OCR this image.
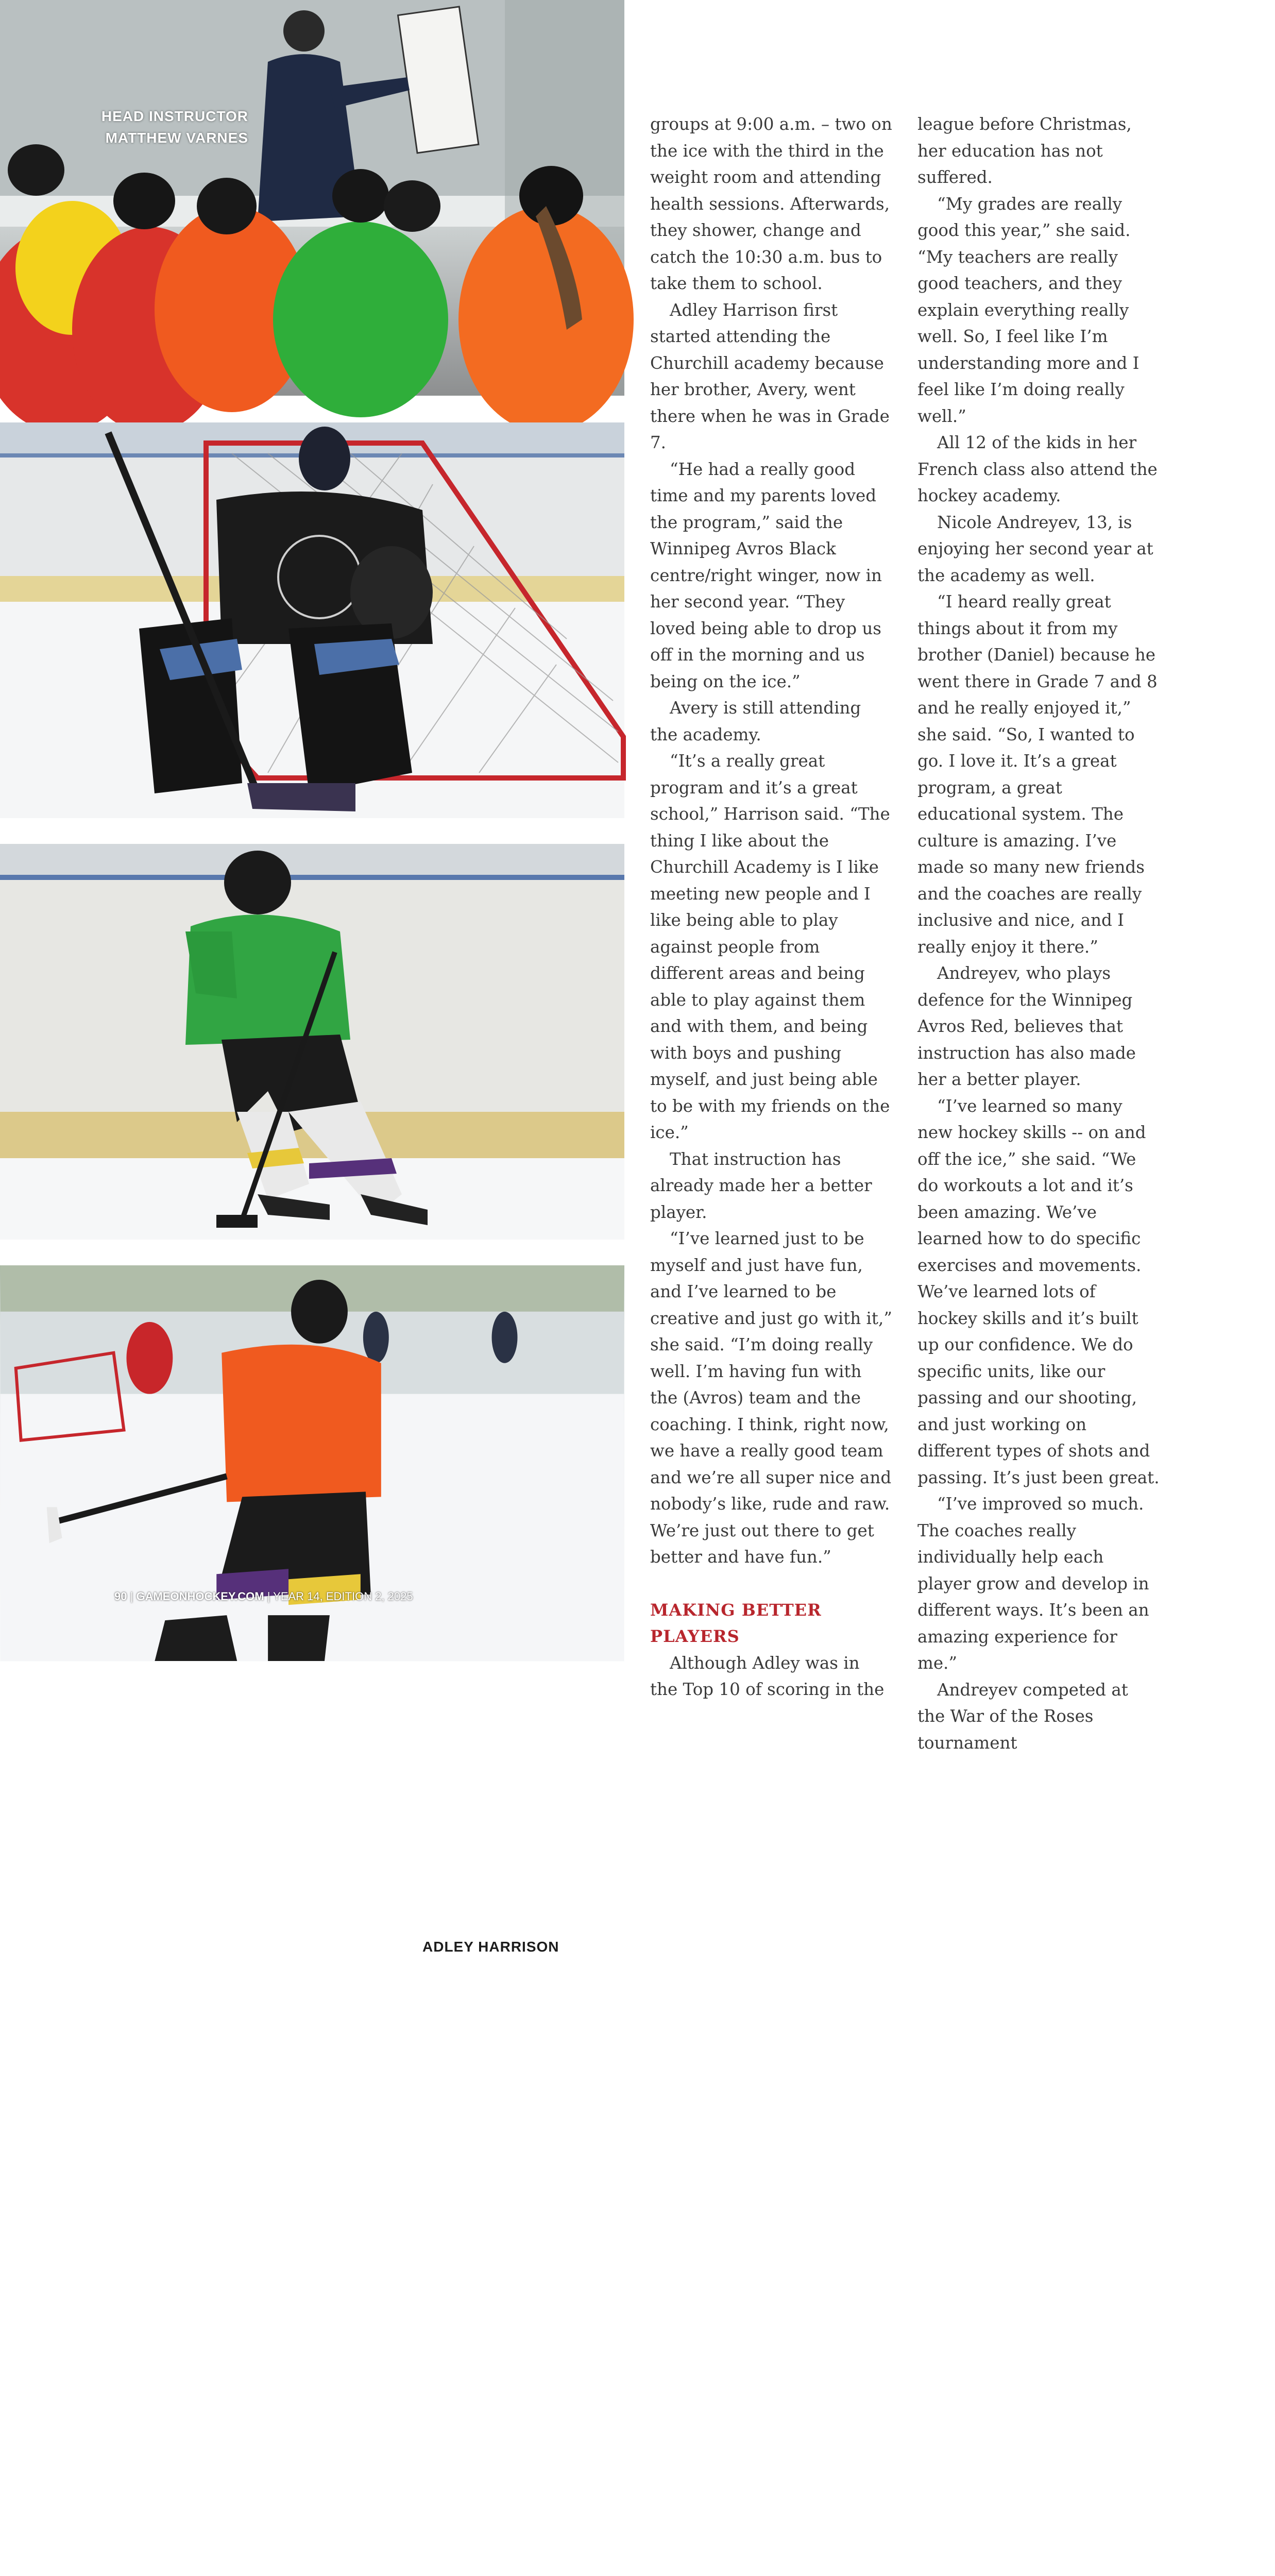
HEAD INSTRUCTOR
MATTHEW VARNES
ADLEY HARRISON

groups at 9:00 a.m. – two on the ice with the third in the weight room and attending health sessions. Afterwards, they shower, change and catch the 10:30 a.m. bus to take them to school.

Adley Harrison first started attending the Churchill academy because her brother, Avery, went there when he was in Grade 7.

“He had a really good time and my parents loved the program,” said the Winnipeg Avros Black centre/right winger, now in her second year. “They loved being able to drop us off in the morning and us being on the ice.”

Avery is still attending the academy.

“It’s a really great program and it’s a great school,” Harrison said. “The thing I like about the Churchill Academy is I like meeting new people and I like being able to play against people from different areas and being able to play against them and with them, and being with boys and pushing myself, and just being able to be with my friends on the ice.”

That instruction has already made her a better player.

“I’ve learned just to be myself and just have fun, and I’ve learned to be creative and just go with it,” she said. “I’m doing really well. I’m having fun with the (Avros) team and the coaching. I think, right now, we have a really good team and we’re all super nice and nobody’s like, rude and raw. We’re just out there to get better and have fun.”

MAKING BETTER PLAYERS

Although Adley was in the Top 10 of scoring in the

league before Christmas, her education has not suffered.

“My grades are really good this year,” she said. “My teachers are really good teachers, and they explain everything really well. So, I feel like I’m understanding more and I feel like I’m doing really well.”

All 12 of the kids in her French class also attend the hockey academy.

Nicole Andreyev, 13, is enjoying her second year at the academy as well.

“I heard really great things about it from my brother (Daniel) because he went there in Grade 7 and 8 and he really enjoyed it,” she said. “So, I wanted to go. I love it. It’s a great program, a great educational system. The culture is amazing. I’ve made so many new friends and the coaches are really inclusive and nice, and I really enjoy it there.”

Andreyev, who plays defence for the Winnipeg Avros Red, believes that instruction has also made her a better player.

“I’ve learned so many new hockey skills -- on and off the ice,” she said. “We do workouts a lot and it’s been amazing. We’ve learned how to do specific exercises and movements. We’ve learned lots of hockey skills and it’s built up our confidence. We do specific units, like our passing and our shooting, and just working on different types of shots and passing. It’s just been great.

“I’ve improved so much. The coaches really individually help each player grow and develop in different ways. It’s been an amazing experience for me.”

Andreyev competed at the War of the Roses tournament

90 | GAMEONHOCKEY.COM | YEAR 14, EDITION 2, 2025
